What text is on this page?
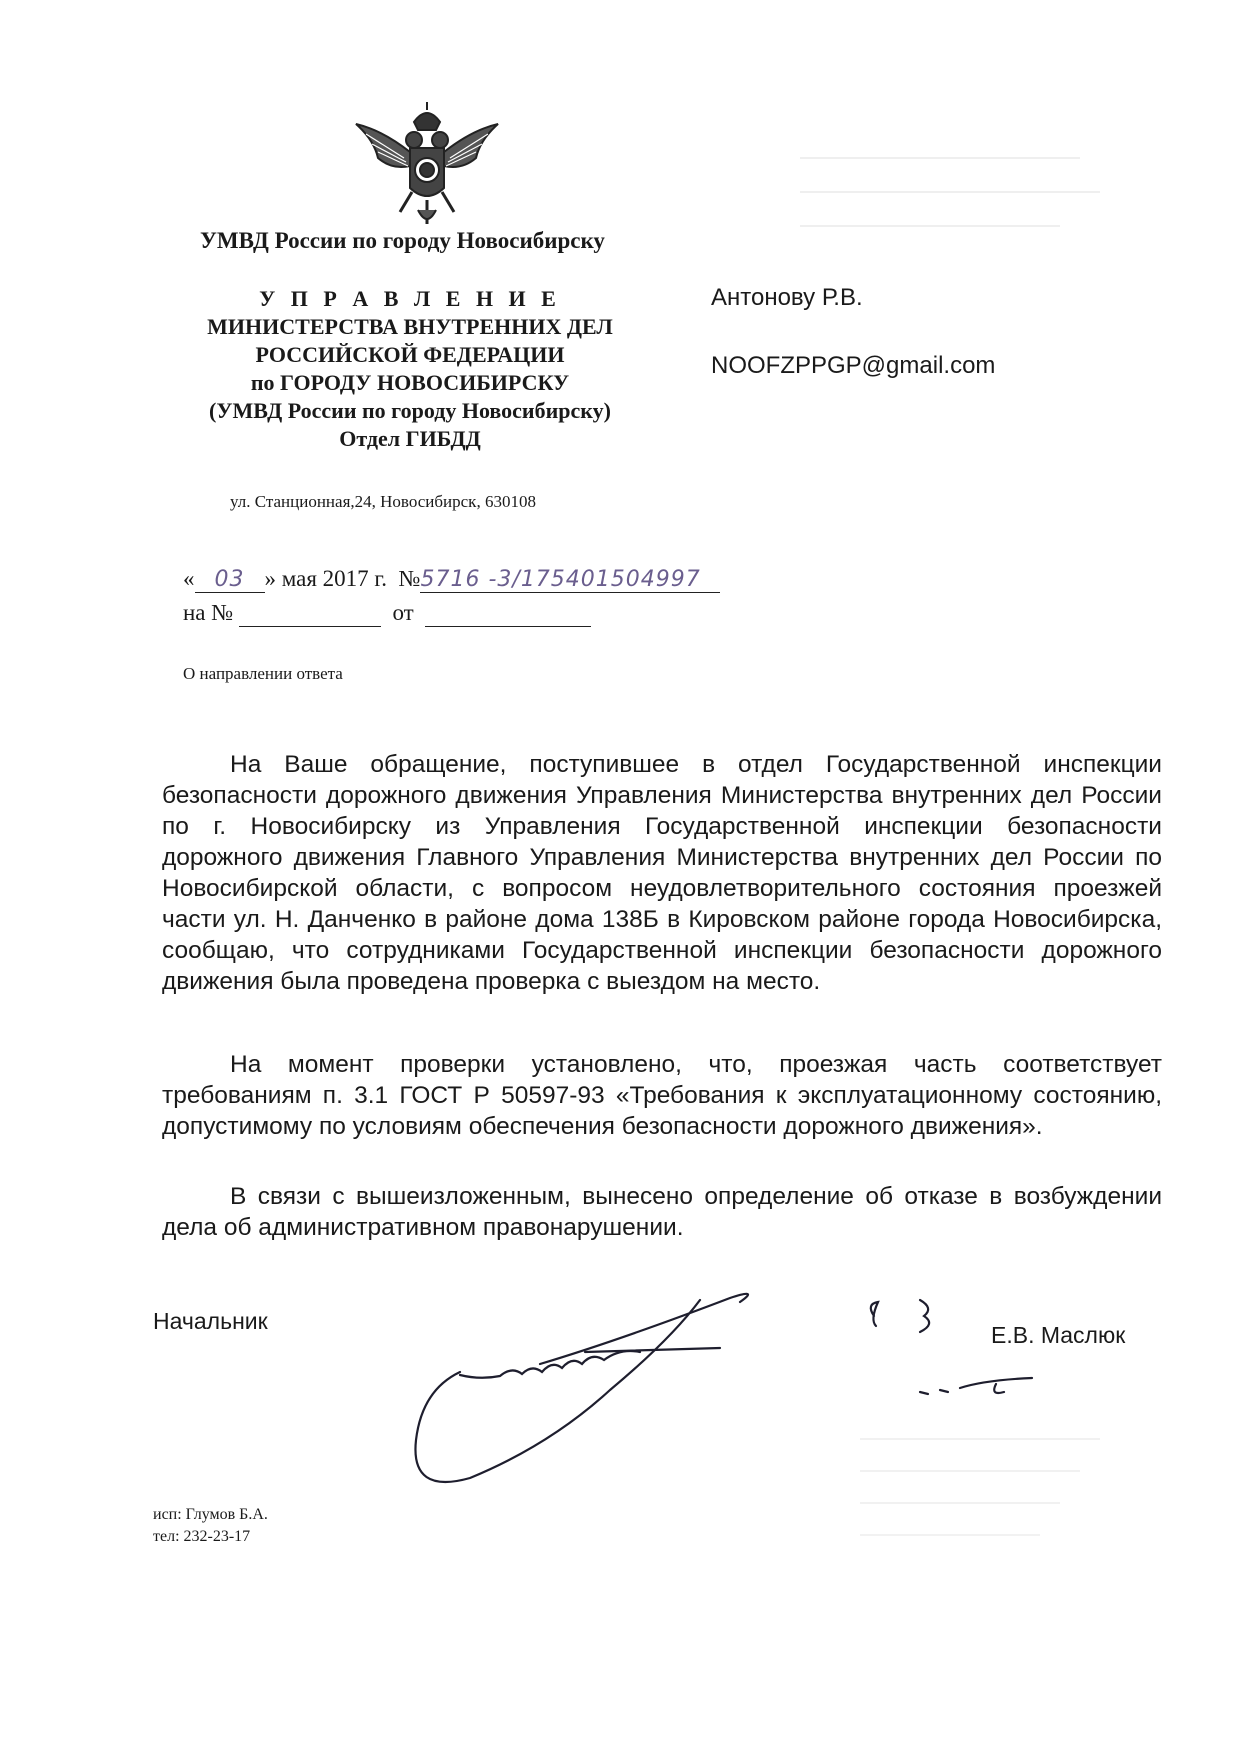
УМВД России по городу Новосибирску
У П Р А В Л Е Н И Е
МИНИСТЕРСТВА ВНУТРЕННИХ ДЕЛ
РОССИЙСКОЙ ФЕДЕРАЦИИ
по ГОРОДУ НОВОСИБИРСКУ
(УМВД России по городу Новосибирску)
Отдел ГИБДД
ул. Станционная,24, Новосибирск, 630108
Антонову Р.В.
NOOFZPPGP@gmail.com
« 03 » мая 2017 г. №5716 -3/175401504997
на №	от
О направлении ответа

На Ваше обращение, поступившее в отдел Государственной инспекции безопасности дорожного движения Управления Министерства внутренних дел России по г. Новосибирску из Управления Государственной инспекции безопасности дорожного движения Главного Управления Министерства внутренних дел России по Новосибирской области, с вопросом неудовлетворительного состояния проезжей части ул. Н. Данченко в районе дома 138Б в Кировском районе города Новосибирска, сообщаю, что сотрудниками Государственной инспекции безопасности дорожного движения была проведена проверка с выездом на место.

На момент проверки установлено, что, проезжая часть соответствует требованиям п. 3.1 ГОСТ Р 50597-93 «Требования к эксплуатационному состоянию, допустимому по условиям обеспечения безопасности дорожного движения».

В связи с вышеизложенным, вынесено определение об отказе в возбуждении дела об административном правонарушении.

Начальник
Е.В. Маслюк
исп: Глумов Б.А.
тел: 232-23-17
